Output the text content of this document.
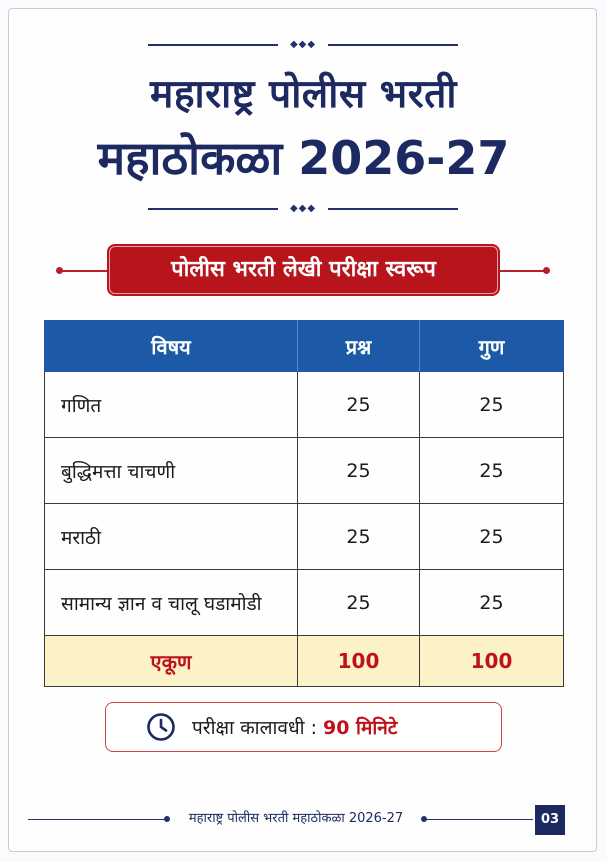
◆◆◆
महाराष्ट्र पोलीस भरती
महाठोकळा 2026-27
◆◆◆
पोलीस भरती लेखी परीक्षा स्वरूप
विषय	प्रश्न	गुण
गणित	25	25
बुद्धिमत्ता चाचणी	25	25
मराठी	25	25
सामान्य ज्ञान व चालू घडामोडी	25	25
एकूण	100	100
परीक्षा कालावधी : 90 मिनिटे
महाराष्ट्र पोलीस भरती महाठोकळा 2026-27	03
